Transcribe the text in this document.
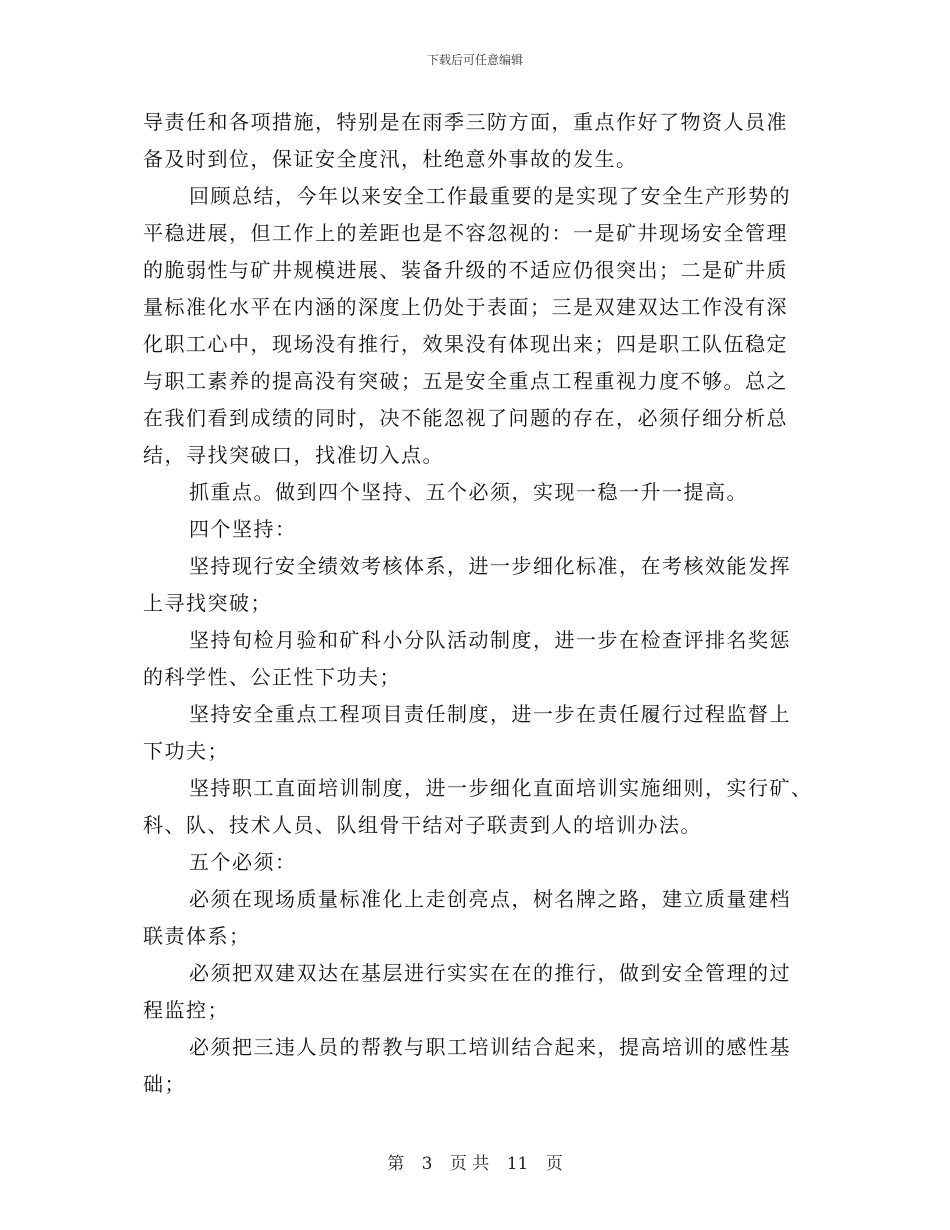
下载后可任意编辑
导责任和各项措施，特别是在雨季三防方面，重点作好了物资人员准
备及时到位，保证安全度汛，杜绝意外事故的发生。
回顾总结，今年以来安全工作最重要的是实现了安全生产形势的
平稳进展，但工作上的差距也是不容忽视的：一是矿井现场安全管理
的脆弱性与矿井规模进展、装备升级的不适应仍很突出；二是矿井质
量标准化水平在内涵的深度上仍处于表面；三是双建双达工作没有深
化职工心中，现场没有推行，效果没有体现出来；四是职工队伍稳定
与职工素养的提高没有突破；五是安全重点工程重视力度不够。总之
在我们看到成绩的同时，决不能忽视了问题的存在，必须仔细分析总
结，寻找突破口，找准切入点。
抓重点。做到四个坚持、五个必须，实现一稳一升一提高。
四个坚持：
坚持现行安全绩效考核体系，进一步细化标准，在考核效能发挥
上寻找突破；
坚持旬检月验和矿科小分队活动制度，进一步在检查评排名奖惩
的科学性、公正性下功夫；
坚持安全重点工程项目责任制度，进一步在责任履行过程监督上
下功夫；
坚持职工直面培训制度，进一步细化直面培训实施细则，实行矿、
科、队、技术人员、队组骨干结对子联责到人的培训办法。
五个必须：
必须在现场质量标准化上走创亮点，树名牌之路，建立质量建档
联责体系；
必须把双建双达在基层进行实实在在的推行，做到安全管理的过
程监控；
必须把三违人员的帮教与职工培训结合起来，提高培训的感性基
础；
第 3 页 共 11 页
